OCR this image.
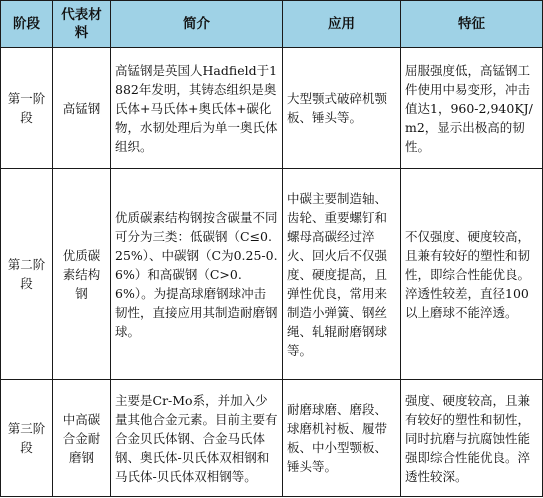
阶段	代表材料	简介	应用	特征
第一阶段	高锰钢	高锰钢是英国人Hadfield于1882年发明，其铸态组织是奥氏体+马氏体+奥氏体+碳化物，水韧处理后为单一奥氏体组织。	大型颚式破碎机颚板、锤头等。	屈服强度低，高锰钢工件使用中易变形，冲击值达1，960-2,940KJ/m2，显示出极高的韧性。
第二阶段	优质碳素结构钢	优质碳素结构钢按含碳量不同可分为三类：低碳钢（C≤0.25%）、中碳钢（C为0.25-0.6%）和高碳钢（C>0.6%）。为提高球磨钢球冲击韧性，直接应用其制造耐磨钢球。	中碳主要制造轴、齿轮、重要螺钉和螺母高碳经过淬火、回火后不仅强度、硬度提高，且弹性优良，常用来制造小弹簧、钢丝绳、轧辊耐磨钢球等。	不仅强度、硬度较高，且兼有较好的塑性和韧性，即综合性能优良。淬透性较差，直径100以上磨球不能淬透。
第三阶段	中高碳合金耐磨钢	主要是Cr-Mo系，并加入少量其他合金元素。目前主要有合金贝氏体钢、合金马氏体钢、奥氏体-贝氏体双相钢和马氏体-贝氏体双相钢等。	耐磨球磨、磨段、球磨机衬板、履带板、中小型颚板、锤头等。	强度、硬度较高，且兼有较好的塑性和韧性，同时抗磨与抗腐蚀性能强即综合性能优良。淬透性较深。
